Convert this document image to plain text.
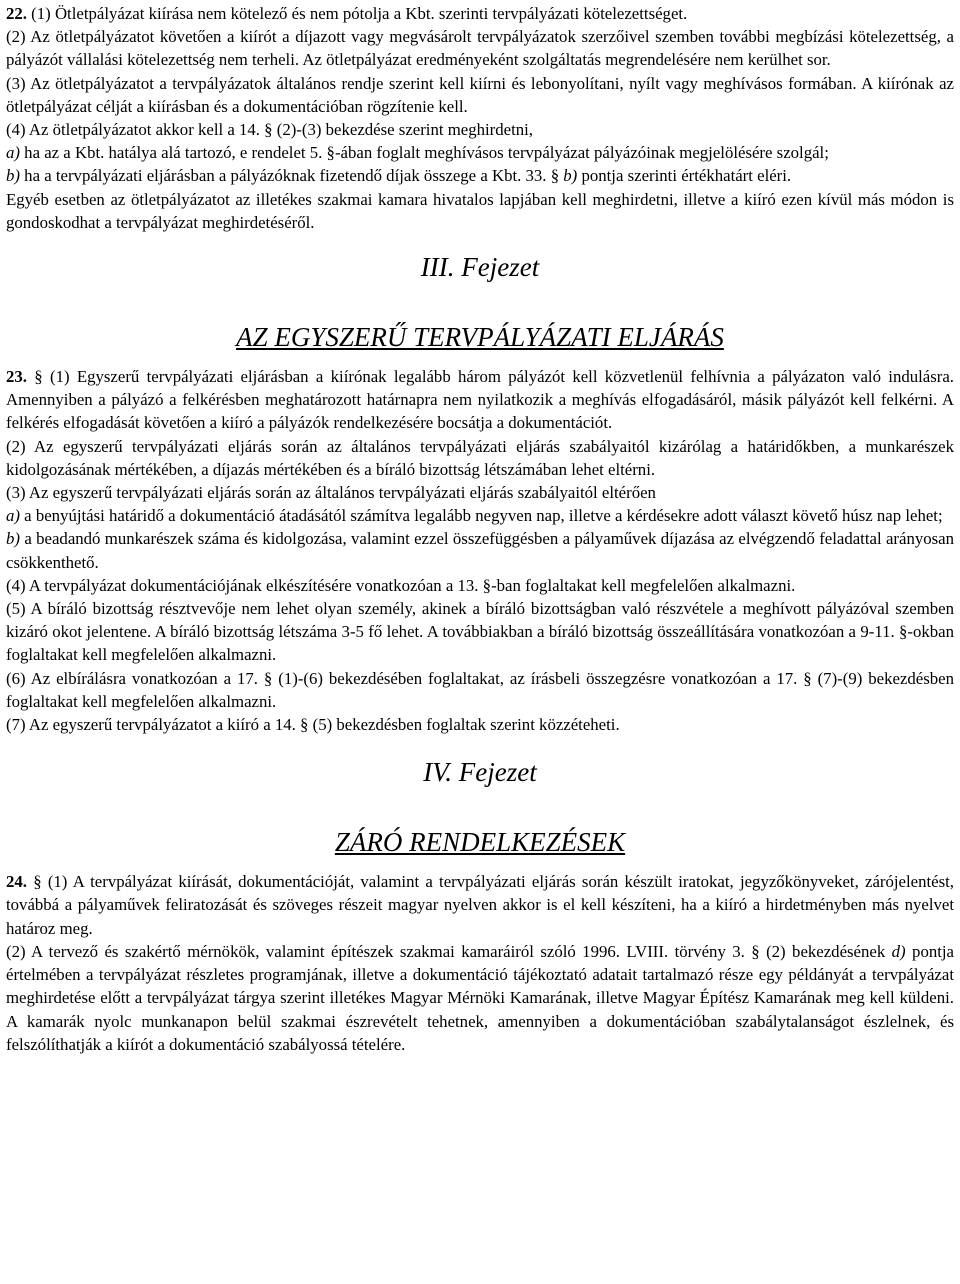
22. (1) Ötletpályázat kiírása nem kötelező és nem pótolja a Kbt. szerinti tervpályázati kötelezettséget.

(2) Az ötletpályázatot követően a kiírót a díjazott vagy megvásárolt tervpályázatok szerzőivel szemben további megbízási kötelezettség, a pályázót vállalási kötelezettség nem terheli. Az ötletpályázat eredményeként szolgáltatás megrendelésére nem kerülhet sor.

(3) Az ötletpályázatot a tervpályázatok általános rendje szerint kell kiírni és lebonyolítani, nyílt vagy meghívásos formában. A kiírónak az ötletpályázat célját a kiírásban és a dokumentációban rögzítenie kell.

(4) Az ötletpályázatot akkor kell a 14. § (2)-(3) bekezdése szerint meghirdetni,

a) ha az a Kbt. hatálya alá tartozó, e rendelet 5. §-ában foglalt meghívásos tervpályázat pályázóinak megjelölésére szolgál;

b) ha a tervpályázati eljárásban a pályázóknak fizetendő díjak összege a Kbt. 33. § b) pontja szerinti értékhatárt eléri.

Egyéb esetben az ötletpályázatot az illetékes szakmai kamara hivatalos lapjában kell meghirdetni, illetve a kiíró ezen kívül más módon is gondoskodhat a tervpályázat meghirdetéséről.

III. Fejezet

AZ EGYSZERŰ TERVPÁLYÁZATI ELJÁRÁS

23. § (1) Egyszerű tervpályázati eljárásban a kiírónak legalább három pályázót kell közvetlenül felhívnia a pályázaton való indulásra. Amennyiben a pályázó a felkérésben meghatározott határnapra nem nyilatkozik a meghívás elfogadásáról, másik pályázót kell felkérni. A felkérés elfogadását követően a kiíró a pályázók rendelkezésére bocsátja a dokumentációt.

(2) Az egyszerű tervpályázati eljárás során az általános tervpályázati eljárás szabályaitól kizárólag a határidőkben, a munkarészek kidolgozásának mértékében, a díjazás mértékében és a bíráló bizottság létszámában lehet eltérni.

(3) Az egyszerű tervpályázati eljárás során az általános tervpályázati eljárás szabályaitól eltérően

a) a benyújtási határidő a dokumentáció átadásától számítva legalább negyven nap, illetve a kérdésekre adott választ követő húsz nap lehet;

b) a beadandó munkarészek száma és kidolgozása, valamint ezzel összefüggésben a pályaművek díjazása az elvégzendő feladattal arányosan csökkenthető.

(4) A tervpályázat dokumentációjának elkészítésére vonatkozóan a 13. §-ban foglaltakat kell megfelelően alkalmazni.

(5) A bíráló bizottság résztvevője nem lehet olyan személy, akinek a bíráló bizottságban való részvétele a meghívott pályázóval szemben kizáró okot jelentene. A bíráló bizottság létszáma 3-5 fő lehet. A továbbiakban a bíráló bizottság összeállítására vonatkozóan a 9-11. §-okban foglaltakat kell megfelelően alkalmazni.

(6) Az elbírálásra vonatkozóan a 17. § (1)-(6) bekezdésében foglaltakat, az írásbeli összegzésre vonatkozóan a 17. § (7)-(9) bekezdésben foglaltakat kell megfelelően alkalmazni.

(7) Az egyszerű tervpályázatot a kiíró a 14. § (5) bekezdésben foglaltak szerint közzéteheti.

IV. Fejezet

ZÁRÓ RENDELKEZÉSEK

24. § (1) A tervpályázat kiírását, dokumentációját, valamint a tervpályázati eljárás során készült iratokat, jegyzőkönyveket, zárójelentést, továbbá a pályaművek feliratozását és szöveges részeit magyar nyelven akkor is el kell készíteni, ha a kiíró a hirdetményben más nyelvet határoz meg.

(2) A tervező és szakértő mérnökök, valamint építészek szakmai kamaráiról szóló 1996. LVIII. törvény 3. § (2) bekezdésének d) pontja értelmében a tervpályázat részletes programjának, illetve a dokumentáció tájékoztató adatait tartalmazó része egy példányát a tervpályázat meghirdetése előtt a tervpályázat tárgya szerint illetékes Magyar Mérnöki Kamarának, illetve Magyar Építész Kamarának meg kell küldeni. A kamarák nyolc munkanapon belül szakmai észrevételt tehetnek, amennyiben a dokumentációban szabálytalanságot észlelnek, és felszólíthatják a kiírót a dokumentáció szabályossá tételére.
